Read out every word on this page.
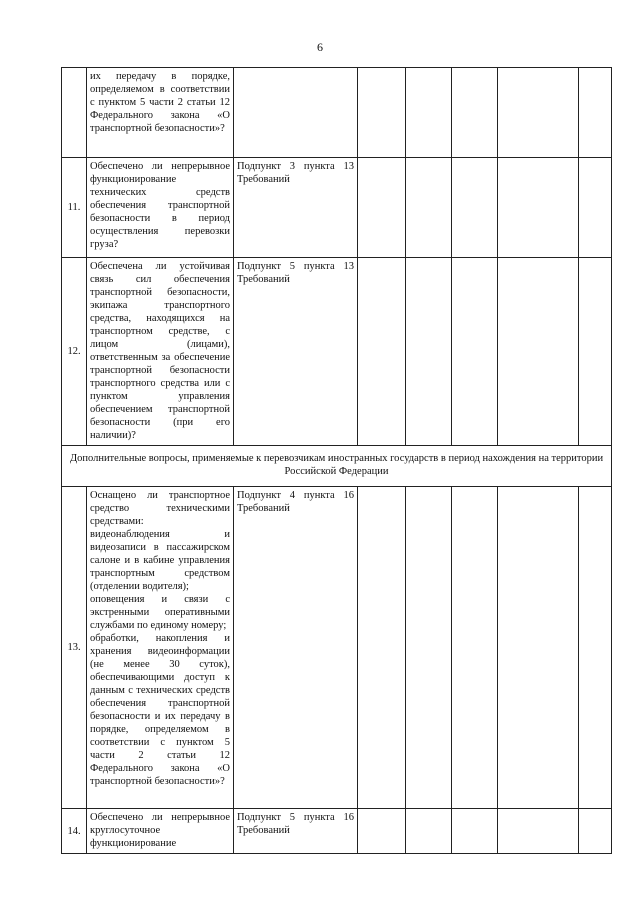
6
	их передачу в порядке, определяемом в соответствии с пунктом 5 части 2 статьи 12 Федерального закона «О транспортной безопасности»?						
11.	Обеспечено ли непрерывное функционирование технических средств обеспечения транспортной безопасности в период осуществления перевозки груза?	Подпункт 3 пункта 13 Требований					
12.	Обеспечена ли устойчивая связь сил обеспечения транспортной безопасности, экипажа транспортного средства, находящихся на транспортном средстве, с лицом (лицами), ответственным за обеспечение транспортной безопасности транспортного средства или с пунктом управления обеспечением транспортной безопасности (при его наличии)?	Подпункт 5 пункта 13 Требований					
Дополнительные вопросы, применяемые к перевозчикам иностранных государств в период нахождения на территории Российской Федерации							
13.	Оснащено ли транспортное средство техническими средствами:
видеонаблюдения и видеозаписи в пассажирском салоне и в кабине управления транспортным средством (отделении водителя);
оповещения и связи с экстренными оперативными службами по единому номеру;
обработки, накопления и хранения видеоинформации (не менее 30 суток), обеспечивающими доступ к данным с технических средств обеспечения транспортной безопасности и их передачу в порядке, определяемом в соответствии с пунктом 5 части 2 статьи 12 Федерального закона «О транспортной безопасности»?	Подпункт 4 пункта 16 Требований					
14.	Обеспечено ли непрерывное круглосуточное функционирование	Подпункт 5 пункта 16 Требований					
